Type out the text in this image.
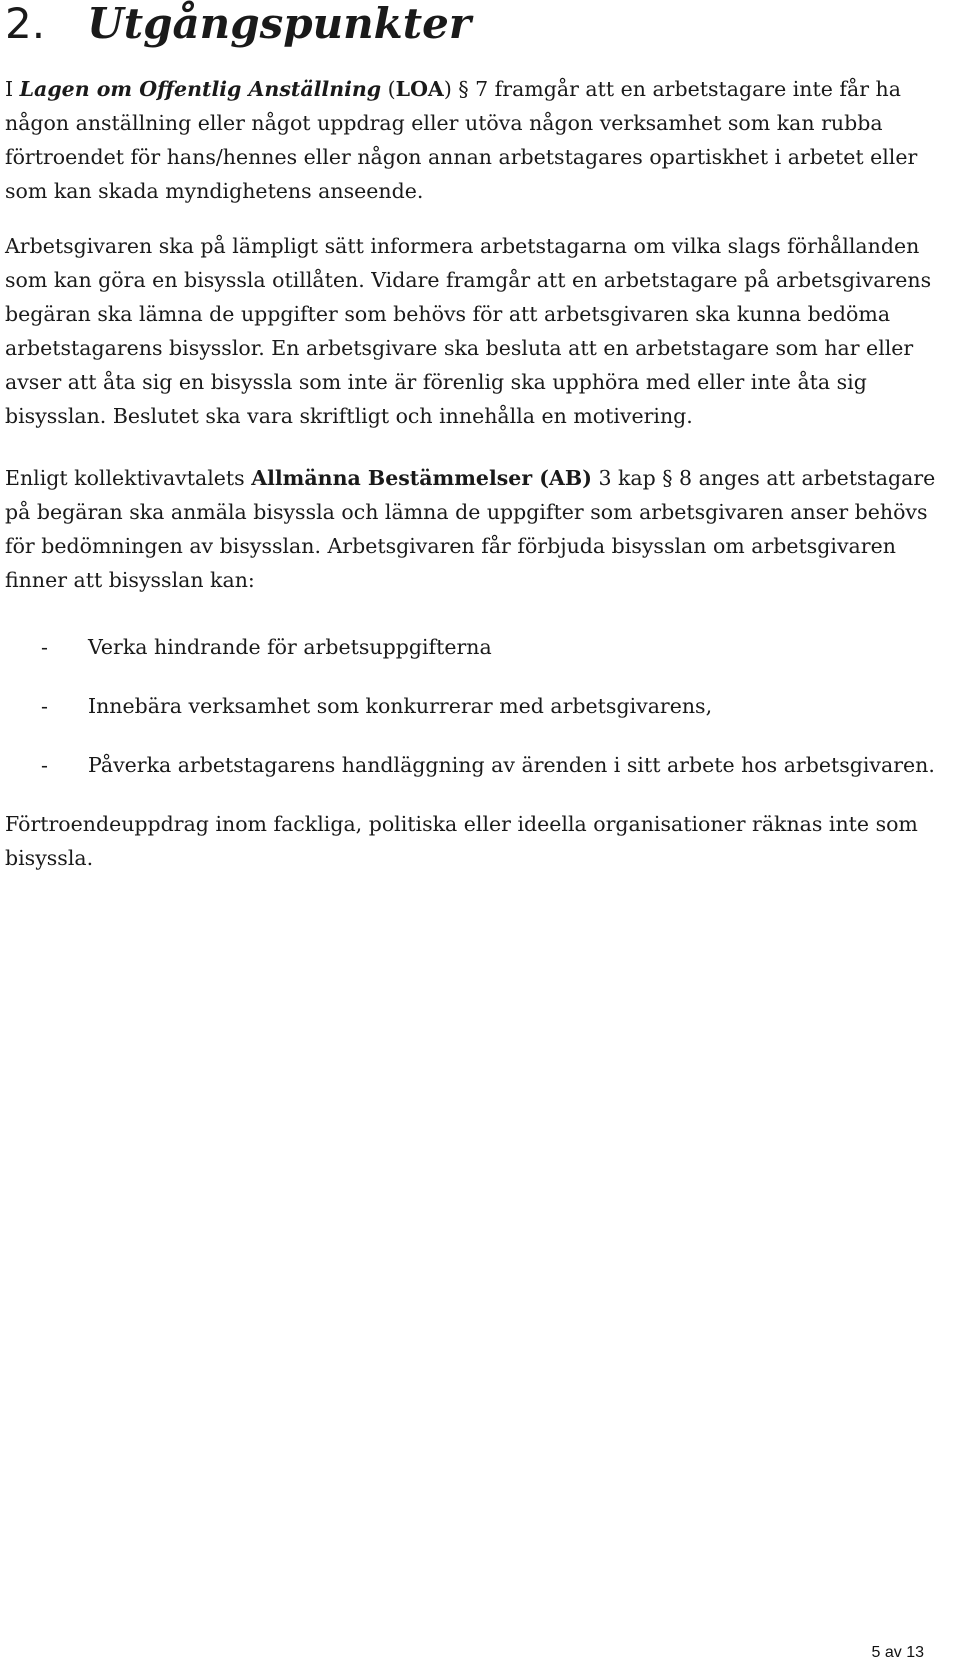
2. Utgångspunkter

I Lagen om Offentlig Anställning (LOA) § 7 framgår att en arbetstagare inte får ha någon anställning eller något uppdrag eller utöva någon verksamhet som kan rubba förtroendet för hans/hennes eller någon annan arbetstagares opartiskhet i arbetet eller som kan skada myndighetens anseende.

Arbetsgivaren ska på lämpligt sätt informera arbetstagarna om vilka slags förhållanden som kan göra en bisyssla otillåten. Vidare framgår att en arbetstagare på arbetsgivarens begäran ska lämna de uppgifter som behövs för att arbetsgivaren ska kunna bedöma arbetstagarens bisysslor. En arbetsgivare ska besluta att en arbetstagare som har eller avser att åta sig en bisyssla som inte är förenlig ska upphöra med eller inte åta sig bisysslan. Beslutet ska vara skriftligt och innehålla en motivering.

Enligt kollektivavtalets Allmänna Bestämmelser (AB) 3 kap § 8 anges att arbetstagare på begäran ska anmäla bisyssla och lämna de uppgifter som arbetsgivaren anser behövs för bedömningen av bisysslan. Arbetsgivaren får förbjuda bisysslan om arbetsgivaren finner att bisysslan kan:

- Verka hindrande för arbetsuppgifterna
- Innebära verksamhet som konkurrerar med arbetsgivarens,
- Påverka arbetstagarens handläggning av ärenden i sitt arbete hos arbetsgivaren.

Förtroendeuppdrag inom fackliga, politiska eller ideella organisationer räknas inte som bisyssla.

5 av 13
